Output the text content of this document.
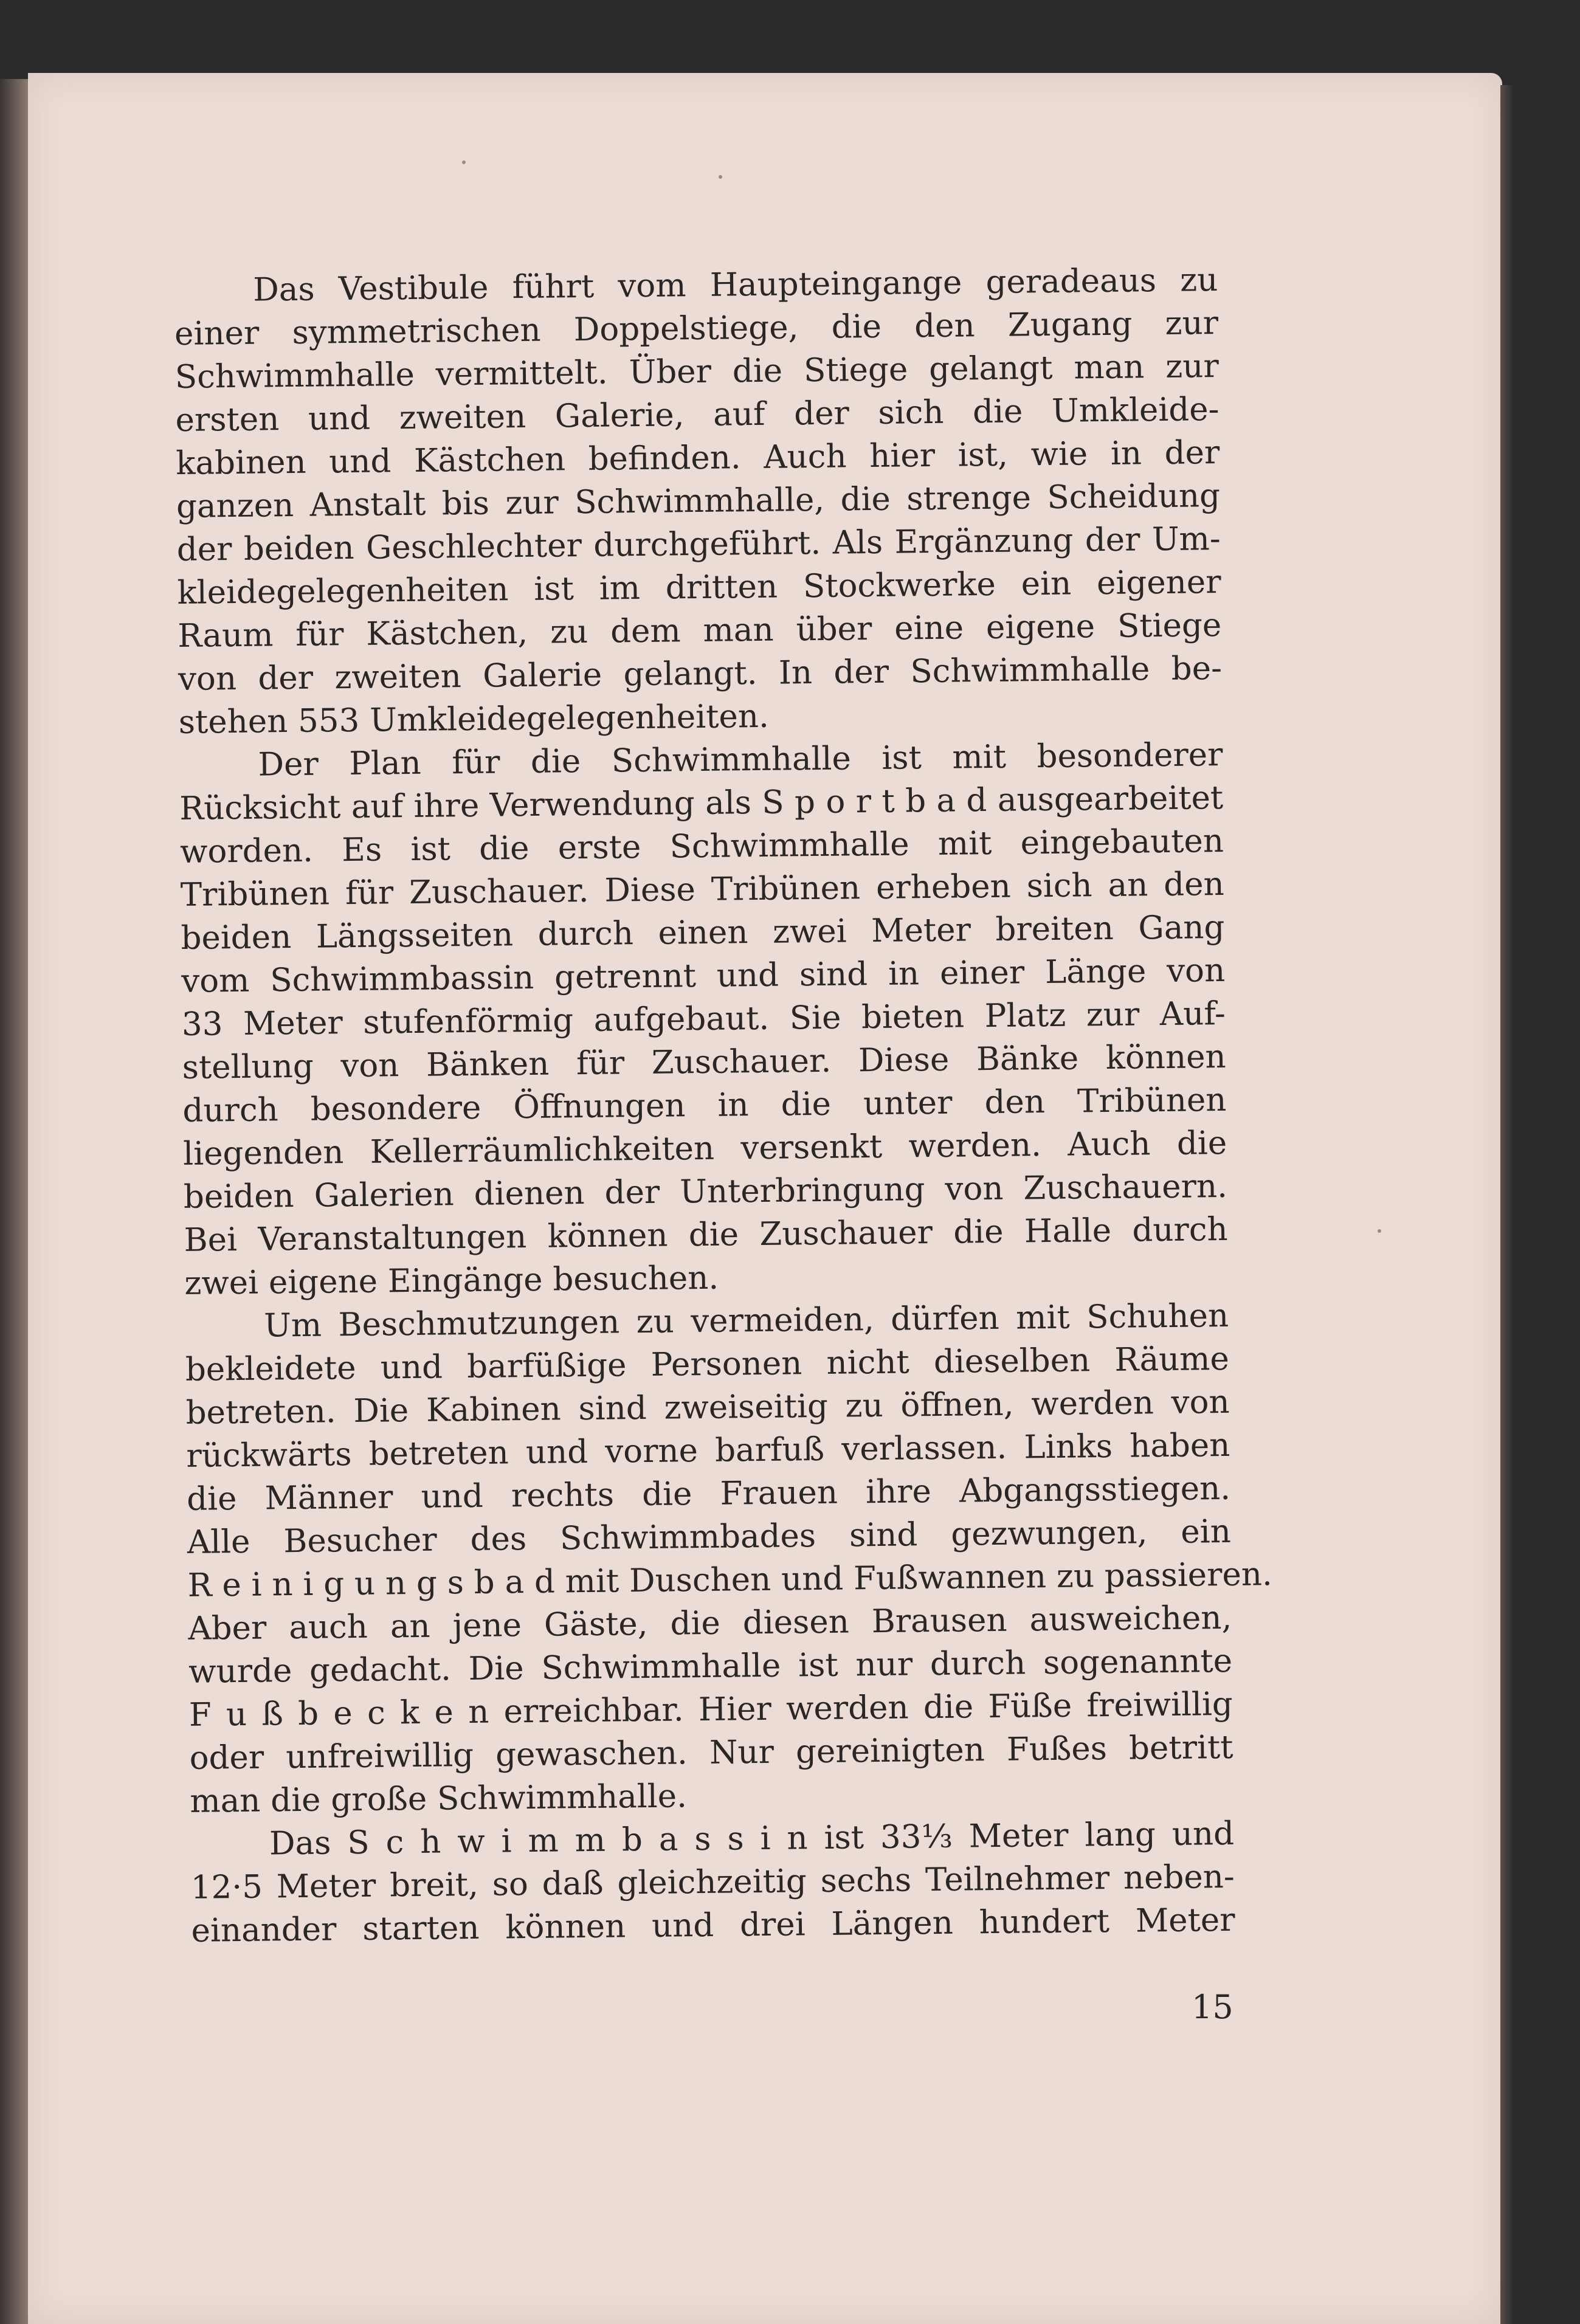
Das Vestibule führt vom Haupteingange geradeaus zu
einer symmetrischen Doppelstiege, die den Zugang zur
Schwimmhalle vermittelt. Über die Stiege gelangt man zur
ersten und zweiten Galerie, auf der sich die Umkleide-
kabinen und Kästchen befinden. Auch hier ist, wie in der
ganzen Anstalt bis zur Schwimmhalle, die strenge Scheidung
der beiden Geschlechter durchgeführt. Als Ergänzung der Um-
kleidegelegenheiten ist im dritten Stockwerke ein eigener
Raum für Kästchen, zu dem man über eine eigene Stiege
von der zweiten Galerie gelangt. In der Schwimmhalle be-
stehen 553 Umkleidegelegenheiten.
Der Plan für die Schwimmhalle ist mit besonderer
Rücksicht auf ihre Verwendung als S p o r t b a d ausgearbeitet
worden. Es ist die erste Schwimmhalle mit eingebauten
Tribünen für Zuschauer. Diese Tribünen erheben sich an den
beiden Längsseiten durch einen zwei Meter breiten Gang
vom Schwimmbassin getrennt und sind in einer Länge von
33 Meter stufenförmig aufgebaut. Sie bieten Platz zur Auf-
stellung von Bänken für Zuschauer. Diese Bänke können
durch besondere Öffnungen in die unter den Tribünen
liegenden Kellerräumlichkeiten versenkt werden. Auch die
beiden Galerien dienen der Unterbringung von Zuschauern.
Bei Veranstaltungen können die Zuschauer die Halle durch
zwei eigene Eingänge besuchen.
Um Beschmutzungen zu vermeiden, dürfen mit Schuhen
bekleidete und barfüßige Personen nicht dieselben Räume
betreten. Die Kabinen sind zweiseitig zu öffnen, werden von
rückwärts betreten und vorne barfuß verlassen. Links haben
die Männer und rechts die Frauen ihre Abgangsstiegen.
Alle Besucher des Schwimmbades sind gezwungen, ein
R e i n i g u n g s b a d mit Duschen und Fußwannen zu passieren.
Aber auch an jene Gäste, die diesen Brausen ausweichen,
wurde gedacht. Die Schwimmhalle ist nur durch sogenannte
F u ß b e c k e n erreichbar. Hier werden die Füße freiwillig
oder unfreiwillig gewaschen. Nur gereinigten Fußes betritt
man die große Schwimmhalle.
Das S c h w i m m b a s s i n ist 33⅓ Meter lang und
12·5 Meter breit, so daß gleichzeitig sechs Teilnehmer neben-
einander starten können und drei Längen hundert Meter
15
